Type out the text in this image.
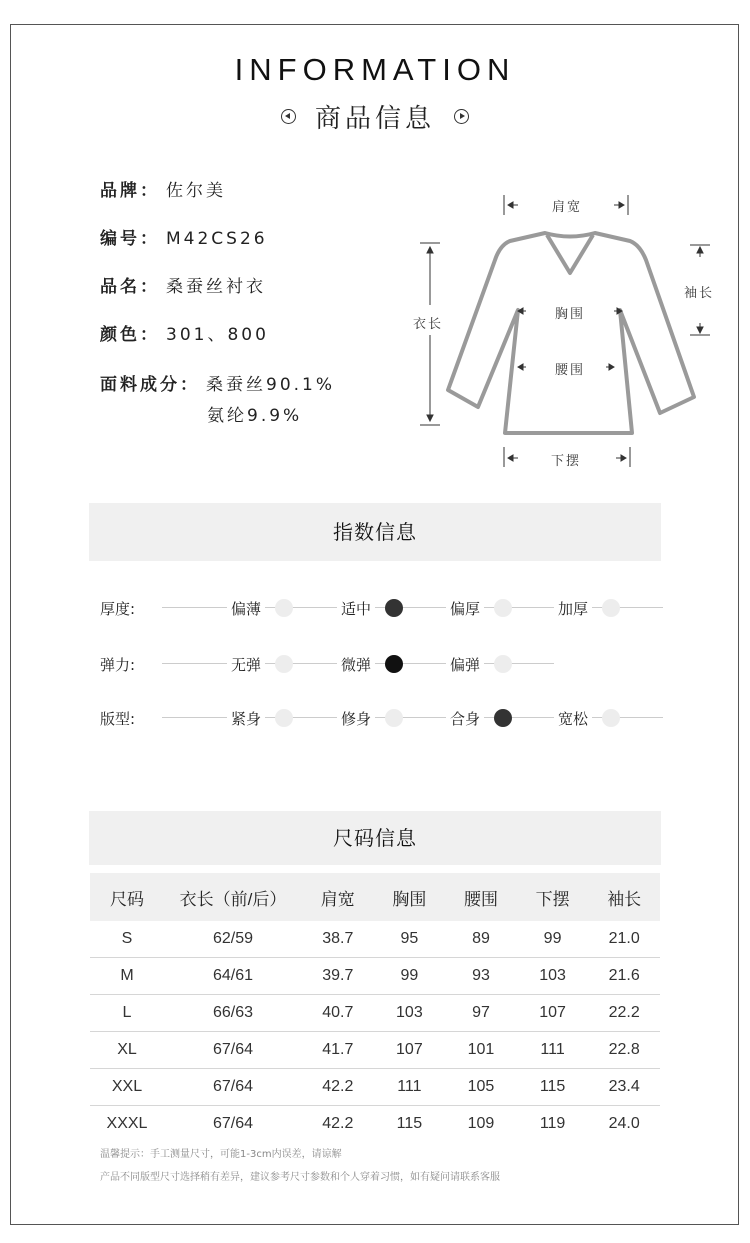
INFORMATION
商品信息
品牌： 佐尔美
编号： M42CS26
品名： 桑蚕丝衬衣
颜色： 301、800
面料成分： 桑蚕丝90.1%
氨纶9.9%
肩宽
袖长
衣长
胸围
腰围
下摆
指数信息
厚度:	偏薄	适中	偏厚	加厚
弹力:	无弹	微弹	偏弹
版型:	紧身	修身	合身	宽松
尺码信息
尺码	衣长（前/后）	肩宽	胸围	腰围	下摆	袖长
S	62/59	38.7	95	89	99	21.0
M	64/61	39.7	99	93	103	21.6
L	66/63	40.7	103	97	107	22.2
XL	67/64	41.7	107	101	111	22.8
XXL	67/64	42.2	111	105	115	23.4
XXXL	67/64	42.2	115	109	119	24.0
温馨提示：手工测量尺寸，可能1-3cm内误差，请谅解
产品不同版型尺寸选择稍有差异，建议参考尺寸参数和个人穿着习惯，如有疑问请联系客服
